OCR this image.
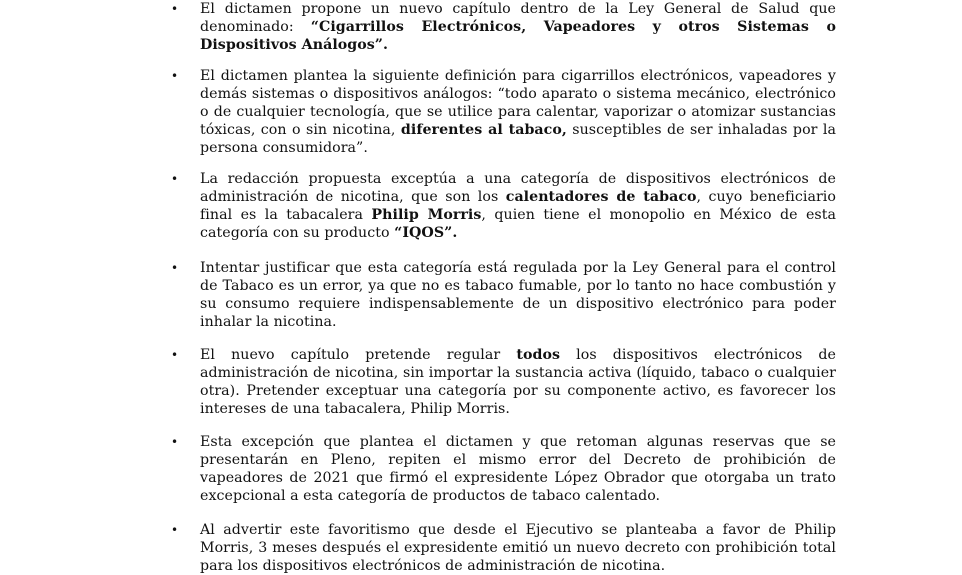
• El dictamen propone un nuevo capítulo dentro de la Ley General de Salud que denominado: “Cigarrillos Electrónicos, Vapeadores y otros Sistemas o Dispositivos Análogos”.
• El dictamen plantea la siguiente definición para cigarrillos electrónicos, vapeadores y demás sistemas o dispositivos análogos: “todo aparato o sistema mecánico, electrónico o de cualquier tecnología, que se utilice para calentar, vaporizar o atomizar sustancias tóxicas, con o sin nicotina, diferentes al tabaco, susceptibles de ser inhaladas por la persona consumidora”.
• La redacción propuesta exceptúa a una categoría de dispositivos electrónicos de administración de nicotina, que son los calentadores de tabaco, cuyo beneficiario final es la tabacalera Philip Morris, quien tiene el monopolio en México de esta categoría con su producto “IQOS”.
• Intentar justificar que esta categoría está regulada por la Ley General para el control de Tabaco es un error, ya que no es tabaco fumable, por lo tanto no hace combustión y su consumo requiere indispensablemente de un dispositivo electrónico para poder inhalar la nicotina.
• El nuevo capítulo pretende regular todos los dispositivos electrónicos de administración de nicotina, sin importar la sustancia activa (líquido, tabaco o cualquier otra). Pretender exceptuar una categoría por su componente activo, es favorecer los intereses de una tabacalera, Philip Morris.
• Esta excepción que plantea el dictamen y que retoman algunas reservas que se presentarán en Pleno, repiten el mismo error del Decreto de prohibición de vapeadores de 2021 que firmó el expresidente López Obrador que otorgaba un trato excepcional a esta categoría de productos de tabaco calentado.
• Al advertir este favoritismo que desde el Ejecutivo se planteaba a favor de Philip Morris, 3 meses después el expresidente emitió un nuevo decreto con prohibición total para los dispositivos electrónicos de administración de nicotina.
